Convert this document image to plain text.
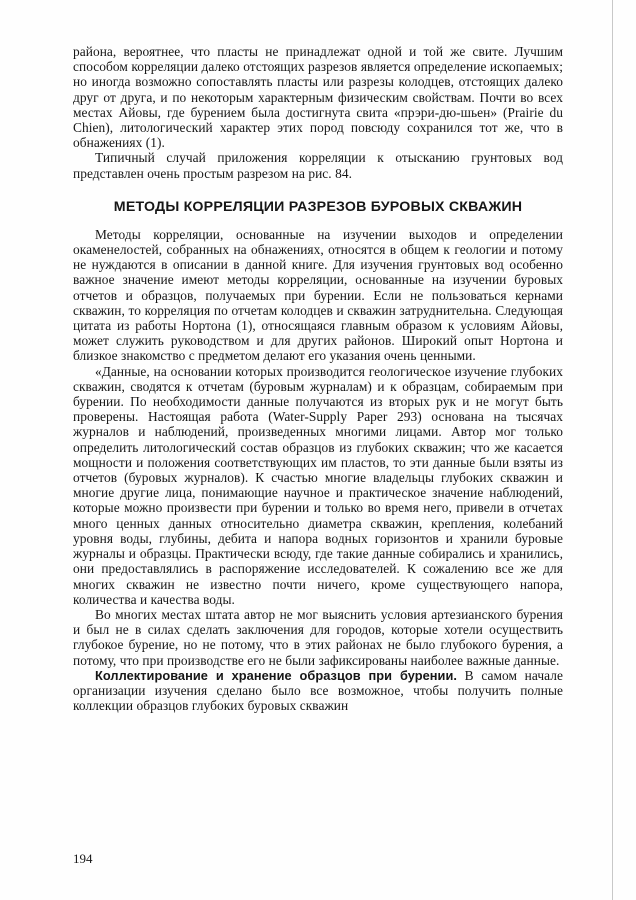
районa, вероятнее, что пласты не принадлежат одной и той же свите. Лучшим способом корреляции далеко отстоящих разрезов является определение ископаемых; но иногда возможно сопоставлять пласты или разрезы колодцев, отстоящих далеко друг от друга, и по некоторым характерным физическим свойствам. Почти во всех местах Айовы, где бурением была достигнута свита «прэри-дю-шьен» (Prairie du Chien), литологический характер этих пород повсюду сохранился тот же, что в обнажениях (1).

Типичный случай приложения корреляции к отысканию грунтовых вод представлен очень простым разрезом на рис. 84.

МЕТОДЫ КОРРЕЛЯЦИИ РАЗРЕЗОВ БУРОВЫХ СКВАЖИН

Методы корреляции, основанные на изучении выходов и определении окаменелостей, собранных на обнажениях, относятся в общем к геологии и потому не нуждаются в описании в данной книге. Для изучения грунтовых вод особенно важное значение имеют методы корреляции, основанные на изучении буровых отчетов и образцов, получаемых при бурении. Если не пользоваться кернами скважин, то корреляция по отчетам колодцев и скважин затруднительна. Следующая цитата из работы Нортона (1), относящаяся главным образом к условиям Айовы, может служить руководством и для других районов. Широкий опыт Нортона и близкое знакомство с предметом делают его указания очень ценными.

«Данные, на основании которых производится геологическое изучение глубоких скважин, сводятся к отчетам (буровым журналам) и к образцам, собираемым при бурении. По необходимости данные получаются из вторых рук и не могут быть проверены. Настоящая работа (Water-Supply Paper 293) основана на тысячах журналов и наблюдений, произведенных многими лицами. Автор мог только определить литологический состав образцов из глубоких скважин; что же касается мощности и положения соответствующих им пластов, то эти данные были взяты из отчетов (буровых журналов). К счастью многие владельцы глубоких скважин и многие другие лица, понимающие научное и практическое значение наблюдений, которые можно произвести при бурении и только во время него, привели в отчетах много ценных данных относительно диаметра скважин, крепления, колебаний уровня воды, глубины, дебита и напора водных горизонтов и хранили буровые журналы и образцы. Практически всюду, где такие данные собирались и хранились, они предоставлялись в распоряжение исследователей. К сожалению все же для многих скважин не известно почти ничего, кроме существующего напора, количества и качества воды.

Во многих местах штата автор не мог выяснить условия артезианского бурения и был не в силах сделать заключения для городов, которые хотели осуществить глубокое бурение, но не потому, что в этих районах не было глубокого бурения, а потому, что при производстве его не были зафиксированы наиболее важные данные.

Коллектирование и хранение образцов при бурении. В самом начале организации изучения сделано было все возможное, чтобы получить полные коллекции образцов глубоких буровых скважин

194
